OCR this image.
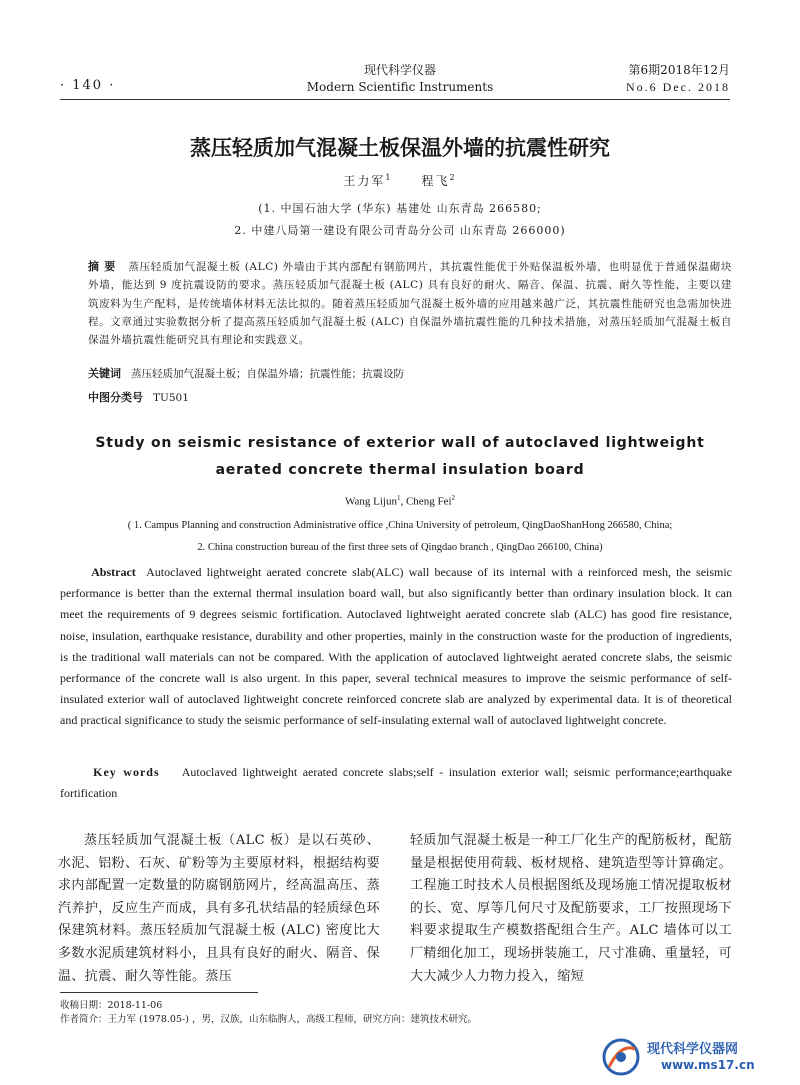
· 140 ·
现代科学仪器
Modern Scientific Instruments
第6期2018年12月
No.6 Dec. 2018
蒸压轻质加气混凝土板保温外墙的抗震性研究
王力军$^1$ 程飞$^2$
(1. 中国石油大学 (华东) 基建处 山东青岛 266580;
2. 中建八局第一建设有限公司青岛分公司 山东青岛 266000)
摘 要 蒸压轻质加气混凝土板 (ALC) 外墙由于其内部配有钢筋网片，其抗震性能优于外贴保温板外墙，也明显优于普通保温砌块外墙，能达到 9 度抗震设防的要求。蒸压轻质加气混凝土板 (ALC) 具有良好的耐火、隔音、保温、抗震、耐久等性能，主要以建筑废料为生产配料，是传统墙体材料无法比拟的。随着蒸压轻质加气混凝土板外墙的应用越来越广泛，其抗震性能研究也急需加快进程。文章通过实验数据分析了提高蒸压轻质加气混凝土板 (ALC) 自保温外墙抗震性能的几种技术措施，对蒸压轻质加气混凝土板自保温外墙抗震性能研究具有理论和实践意义。
关键词 蒸压轻质加气混凝土板；自保温外墙；抗震性能；抗震设防
中图分类号 TU501
Study on seismic resistance of exterior wall of autoclaved lightweight aerated concrete thermal insulation board
Wang Lijun$^1$, Cheng Fei$^2$
( 1. Campus Planning and construction Administrative office ,China University of petroleum, QingDaoShanHong 266580, China;
2. China construction bureau of the first three sets of Qingdao branch , QingDao 266100, China)
Abstract Autoclaved lightweight aerated concrete slab(ALC) wall because of its internal with a reinforced mesh, the seismic performance is better than the external thermal insulation board wall, but also significantly better than ordinary insulation block. It can meet the requirements of 9 degrees seismic fortification. Autoclaved lightweight aerated concrete slab (ALC) has good fire resistance, noise, insulation, earthquake resistance, durability and other properties, mainly in the construction waste for the production of ingredients, is the traditional wall materials can not be compared. With the application of autoclaved lightweight aerated concrete slabs, the seismic performance of the concrete wall is also urgent. In this paper, several technical measures to improve the seismic performance of self-insulated exterior wall of autoclaved lightweight concrete reinforced concrete slab are analyzed by experimental data. It is of theoretical and practical significance to study the seismic performance of self-insulating external wall of autoclaved lightweight concrete.
Key words Autoclaved lightweight aerated concrete slabs;self - insulation exterior wall; seismic performance;earthquake fortification
蒸压轻质加气混凝土板（ALC 板）是以石英砂、水泥、铝粉、石灰、矿粉等为主要原材料，根据结构要求内部配置一定数量的防腐钢筋网片，经高温高压、蒸汽养护，反应生产而成，具有多孔状结晶的轻质绿色环保建筑材料。蒸压轻质加气混凝土板 (ALC) 密度比大多数水泥质建筑材料小，且具有良好的耐火、隔音、保温、抗震、耐久等性能。蒸压
轻质加气混凝土板是一种工厂化生产的配筋板材，配筋量是根据使用荷载、板材规格、建筑造型等计算确定。工程施工时技术人员根据图纸及现场施工情况提取板材的长、宽、厚等几何尺寸及配筋要求，工厂按照现场下料要求提取生产模数搭配组合生产。ALC 墙体可以工厂精细化加工，现场拼装施工，尺寸准确、重量轻，可大大减少人力物力投入，缩短
收稿日期：2018-11-06
作者简介：王力军 (1978.05-) ，男，汉族，山东临朐人，高级工程师，研究方向：建筑技术研究。
现代科学仪器网
www.ms17.cn
